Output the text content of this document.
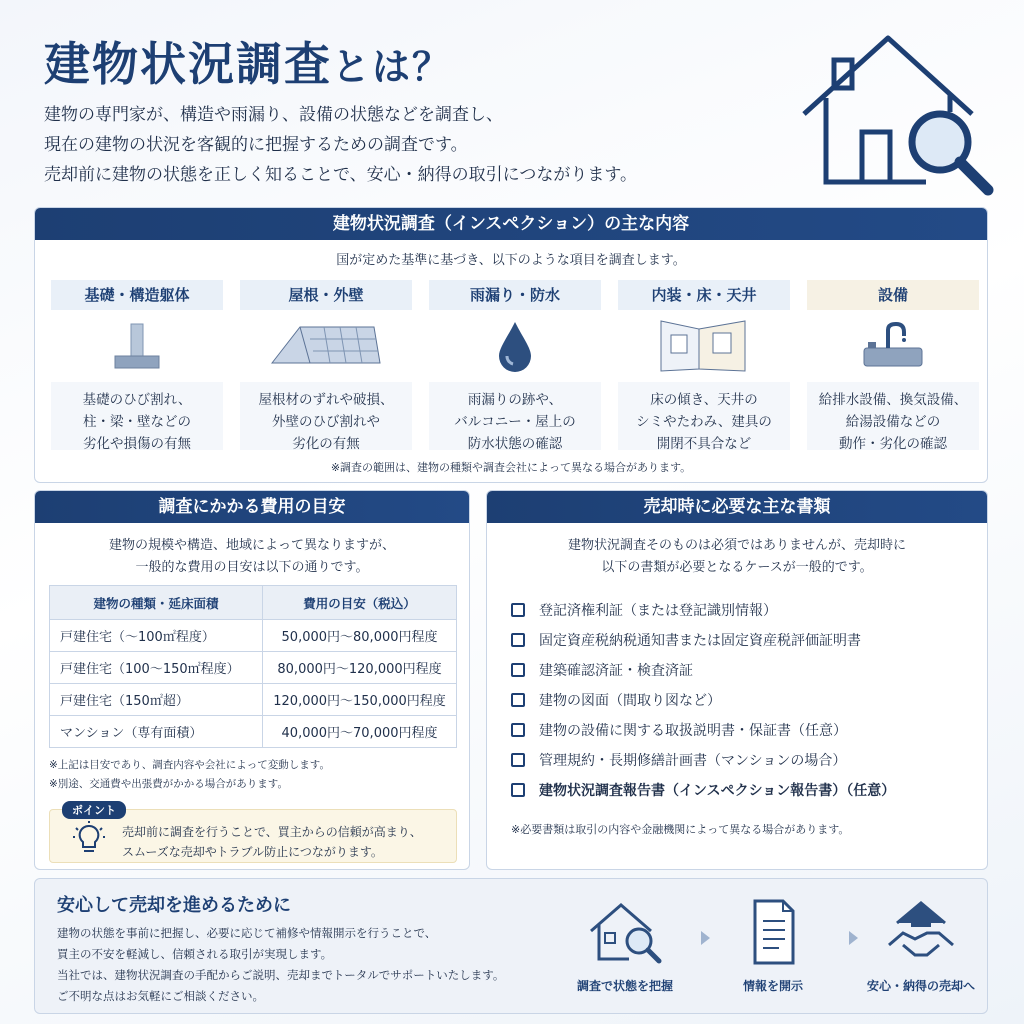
建物状況調査とは？

建物の専門家が、構造や雨漏り、設備の状態などを調査し、

現在の建物の状況を客観的に把握するための調査です。

売却前に建物の状態を正しく知ることで、安心・納得の取引につながります。

建物状況調査（インスペクション）の主な内容
国が定めた基準に基づき、以下のような項目を調査します。
基礎・構造躯体
基礎のひび割れ、
柱・梁・壁などの
劣化や損傷の有無
屋根・外壁
屋根材のずれや破損、
外壁のひび割れや
劣化の有無
雨漏り・防水
雨漏りの跡や、
バルコニー・屋上の
防水状態の確認
内装・床・天井
床の傾き、天井の
シミやたわみ、建具の
開閉不具合など
設備
給排水設備、換気設備、
給湯設備などの
動作・劣化の確認
※調査の範囲は、建物の種類や調査会社によって異なる場合があります。
調査にかかる費用の目安
建物の規模や構造、地域によって異なりますが、
一般的な費用の目安は以下の通りです。
建物の種類・延床面積	費用の目安（税込）
戸建住宅（～100㎡程度）	50,000円～80,000円程度
戸建住宅（100～150㎡程度）	80,000円～120,000円程度
戸建住宅（150㎡超）	120,000円～150,000円程度
マンション（専有面積）	40,000円～70,000円程度
※上記は目安であり、調査内容や会社によって変動します。
※別途、交通費や出張費がかかる場合があります。
ポイント
売却前に調査を行うことで、買主からの信頼が高まり、
スムーズな売却やトラブル防止につながります。
売却時に必要な主な書類
建物状況調査そのものは必須ではありませんが、売却時に
以下の書類が必要となるケースが一般的です。
登記済権利証（または登記識別情報）
固定資産税納税通知書または固定資産税評価証明書
建築確認済証・検査済証
建物の図面（間取り図など）
建物の設備に関する取扱説明書・保証書（任意）
管理規約・長期修繕計画書（マンションの場合）
建物状況調査報告書（インスペクション報告書）（任意）
※必要書類は取引の内容や金融機関によって異なる場合があります。
安心して売却を進めるために
建物の状態を事前に把握し、必要に応じて補修や情報開示を行うことで、
買主の不安を軽減し、信頼される取引が実現します。
当社では、建物状況調査の手配からご説明、売却までトータルでサポートいたします。
ご不明な点はお気軽にご相談ください。
調査で状態を把握	情報を開示	安心・納得の売却へ
